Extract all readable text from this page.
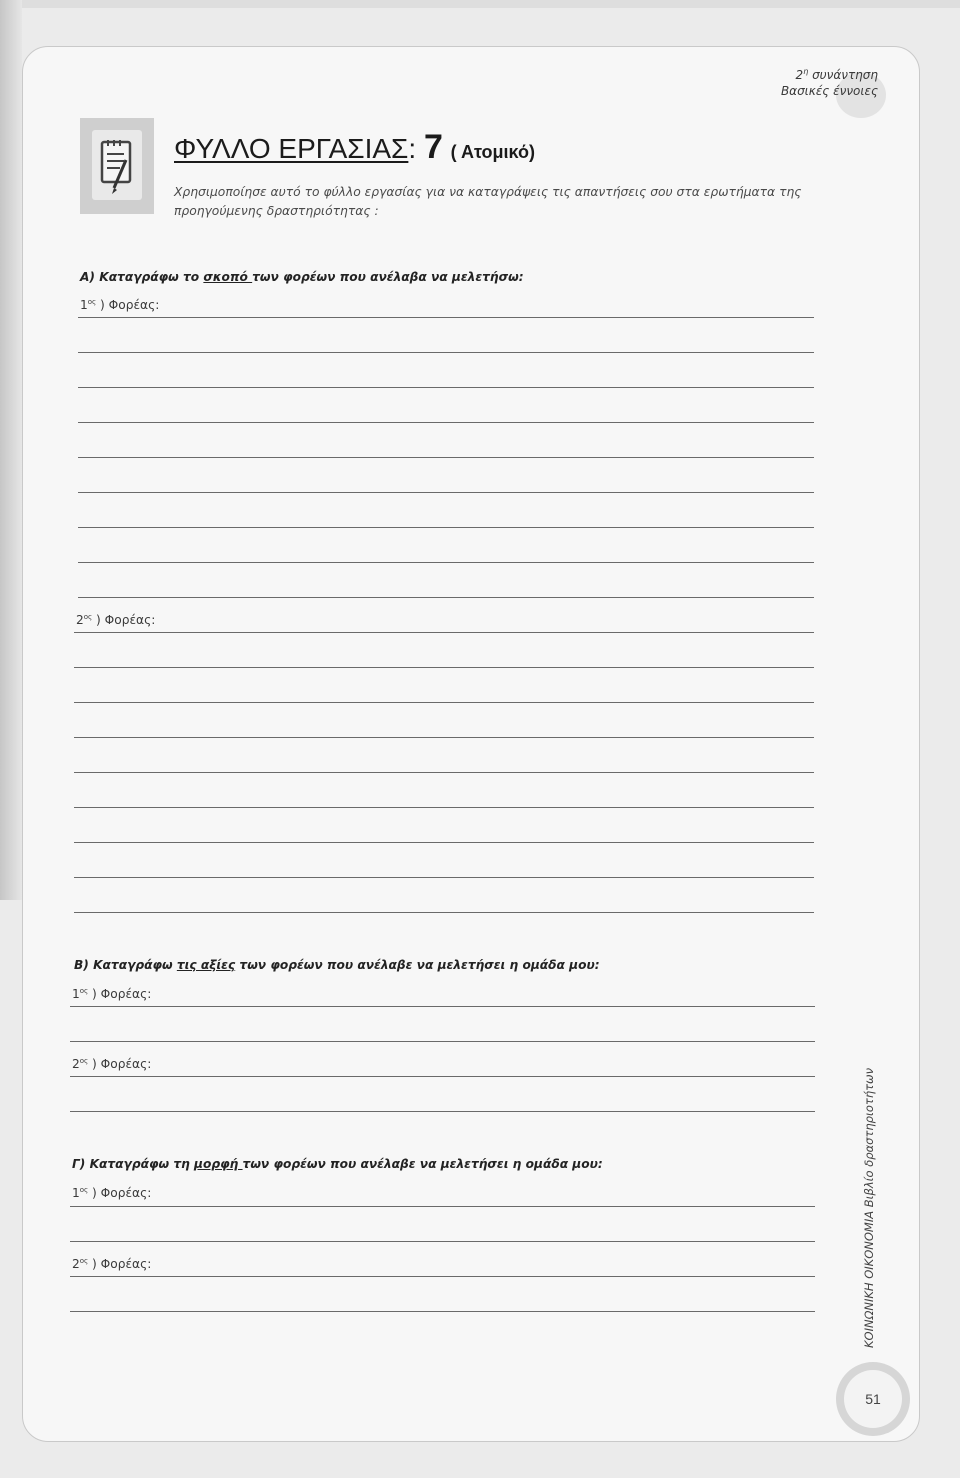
$2^\eta$ συνάντηση
Βασικές έννοιες
ΦΥΛΛΟ ΕΡΓΑΣΙΑΣ: 7 ( Ατομικό)
Χρησιμοποίησε αυτό το φύλλο εργασίας για να καταγράψεις τις απαντήσεις σου στα ερωτήματα της προηγούμενης δραστηριότητας :
Α) Καταγράφω το σκοπό των φορέων που ανέλαβα να μελετήσω:
$1^{o\varsigma}$ ) Φορέας:
$2^{o\varsigma}$ ) Φορέας:
Β) Καταγράφω τις αξίες των φορέων που ανέλαβε να μελετήσει η ομάδα μου:
$1^{o\varsigma}$ ) Φορέας:
$2^{o\varsigma}$ ) Φορέας:
Γ) Καταγράφω τη μορφή των φορέων που ανέλαβε να μελετήσει η ομάδα μου:
$1^{o\varsigma}$ ) Φορέας:
$2^{o\varsigma}$ ) Φορέας:	ΚΟΙΝΩΝΙΚΗ ΟΙΚΟΝΟΜΙΑ Βιβλίο δραστηριοτήτων
51
